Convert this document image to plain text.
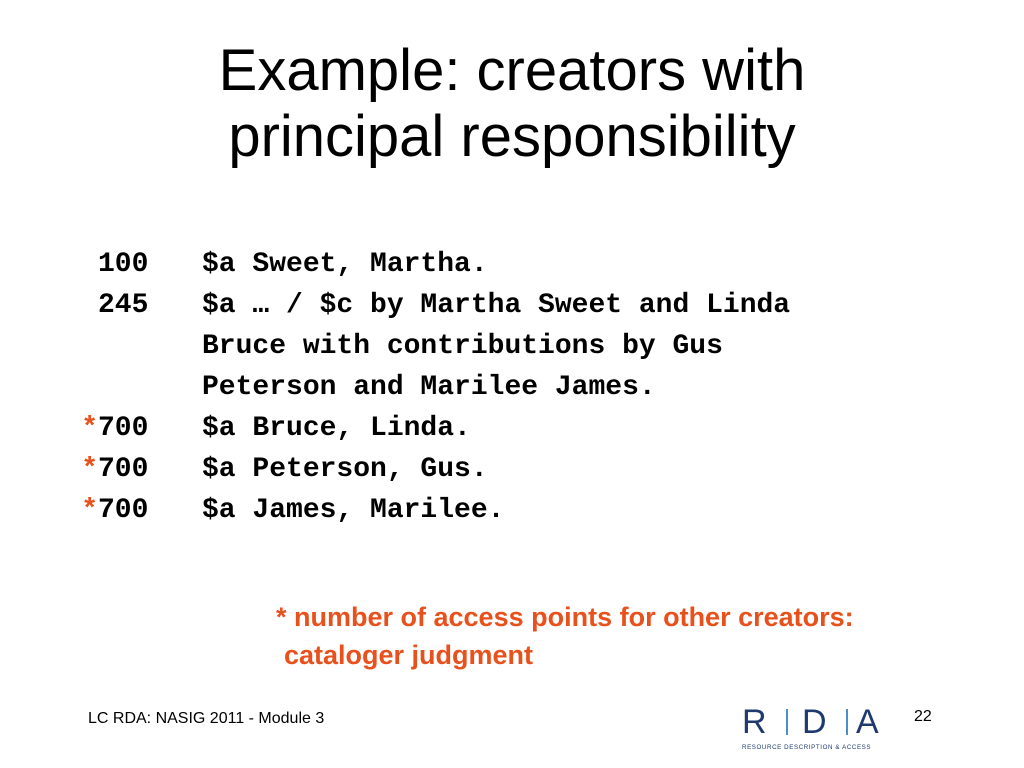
Example: creators with
principal responsibility
100	$a Sweet, Martha.
245	$a … / $c by Martha Sweet and Linda
Bruce with contributions by Gus
Peterson and Marilee James.
* 700	$a Bruce, Linda.
* 700	$a Peterson, Gus.
* 700	$a James, Marilee.
* number of access points for other creators:
cataloger judgment
LC RDA: NASIG 2011 - Module 3	R D A
RESOURCE DESCRIPTION & ACCESS
22
